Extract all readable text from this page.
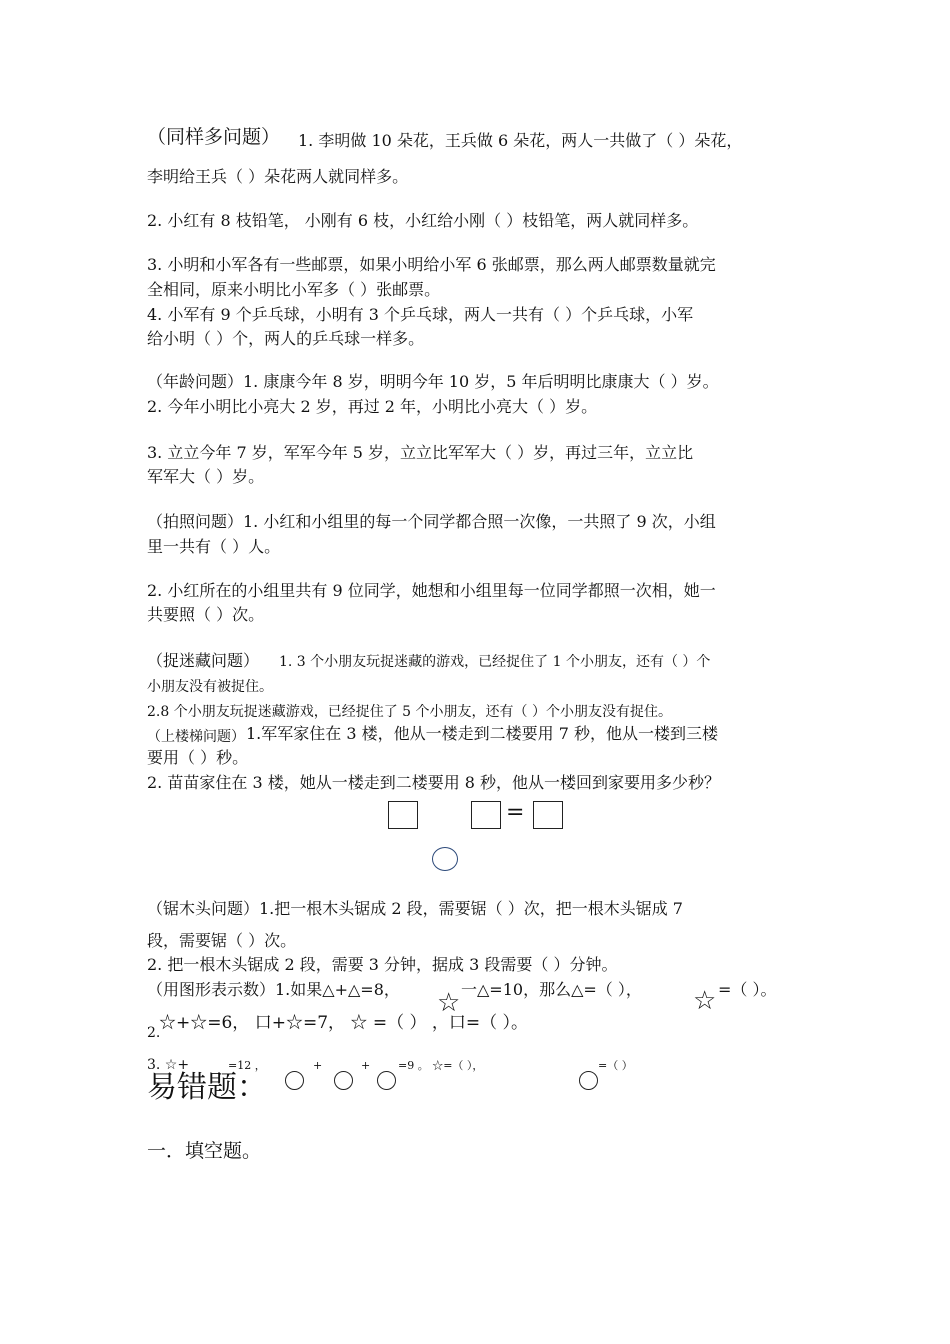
（同样多问题） 1. 李明做 10 朵花，王兵做 6 朵花，两人一共做了（ ）朵花，
李明给王兵（ ）朵花两人就同样多。
2. 小红有 8 枝铅笔， 小刚有 6 枝，小红给小刚（ ）枝铅笔，两人就同样多。
3. 小明和小军各有一些邮票，如果小明给小军 6 张邮票，那么两人邮票数量就完
全相同，原来小明比小军多（ ）张邮票。
4. 小军有 9 个乒乓球，小明有 3 个乒乓球，两人一共有（ ）个乒乓球，小军
给小明（ ）个，两人的乒乓球一样多。
（年龄问题）1. 康康今年 8 岁，明明今年 10 岁，5 年后明明比康康大（ ）岁。
2. 今年小明比小亮大 2 岁，再过 2 年，小明比小亮大（ ）岁。
3. 立立今年 7 岁，军军今年 5 岁，立立比军军大（ ）岁，再过三年，立立比
军军大（ ）岁。
（拍照问题）1. 小红和小组里的每一个同学都合照一次像，一共照了 9 次，小组
里一共有（ ）人。
2. 小红所在的小组里共有 9 位同学，她想和小组里每一位同学都照一次相，她一
共要照（ ）次。
（捉迷藏问题） 1. 3 个小朋友玩捉迷藏的游戏，已经捉住了 1 个小朋友，还有（ ）个
小朋友没有被捉住。
2.8 个小朋友玩捉迷藏游戏，已经捉住了 5 个小朋友，还有（ ）个小朋友没有捉住。
（上楼梯问题） 1.军军家住在 3 楼，他从一楼走到二楼要用 7 秒，他从一楼到三楼
要用（ ）秒。
2. 苗苗家住在 3 楼，她从一楼走到二楼要用 8 秒，他从一楼回到家要用多少秒？
=
（锯木头问题）1.把一根木头锯成 2 段，需要锯（ ）次，把一根木头锯成 7
段，需要锯（ ）次。
2. 把一根木头锯成 2 段，需要 3 分钟，据成 3 段需要（ ）分钟。
（用图形表示数）1.如果△+△=8， ☆ 一△=10，那么△=（ ）， ☆ =（ ）。
2.
☆+☆=6， 口+☆=7， ☆ =（ ） ，口=（ ）。
3. ☆+	=12 ，	+	+	=9 。 ☆=（ ），	=（ ）
易错题：
一．填空题。
